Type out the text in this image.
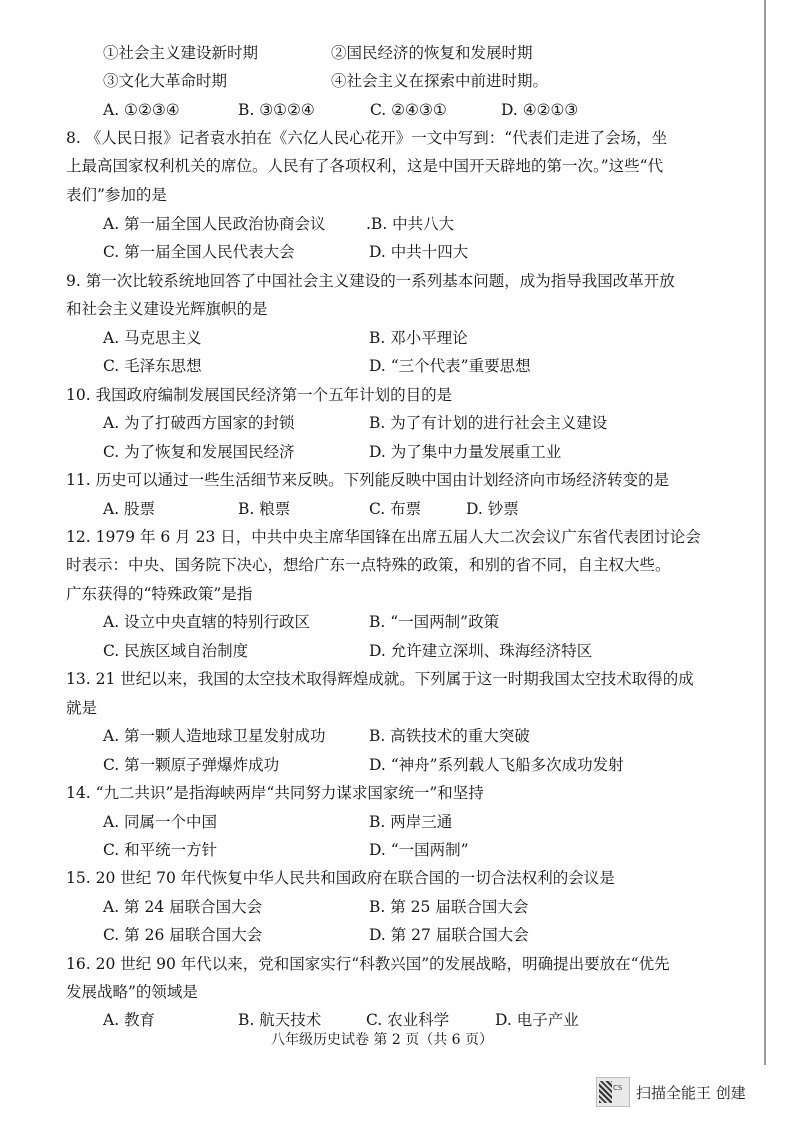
①社会主义建设新时期	②国民经济的恢复和发展时期
③文化大革命时期	④社会主义在探索中前进时期。
A. ①②③④	B. ③①②④	C. ②④③①	D. ④②①③
8. 《人民日报》记者袁水拍在《六亿人民心花开》一文中写到：“代表们走进了会场，坐
上最高国家权利机关的席位。人民有了各项权利，这是中国开天辟地的第一次。”这些“代
表们”参加的是
A. 第一届全国人民政治协商会议	.B. 中共八大
C. 第一届全国人民代表大会	D. 中共十四大
9. 第一次比较系统地回答了中国社会主义建设的一系列基本问题，成为指导我国改革开放
和社会主义建设光辉旗帜的是
A. 马克思主义	B. 邓小平理论
C. 毛泽东思想	D. “三个代表”重要思想
10. 我国政府编制发展国民经济第一个五年计划的目的是
A. 为了打破西方国家的封锁	B. 为了有计划的进行社会主义建设
C. 为了恢复和发展国民经济	D. 为了集中力量发展重工业
11. 历史可以通过一些生活细节来反映。下列能反映中国由计划经济向市场经济转变的是
A. 股票	B. 粮票	C. 布票	D. 钞票
12. 1979 年 6 月 23 日，中共中央主席华国锋在出席五届人大二次会议广东省代表团讨论会
时表示：中央、国务院下决心，想给广东一点特殊的政策，和别的省不同，自主权大些。
广东获得的“特殊政策”是指
A. 设立中央直辖的特别行政区	B. “一国两制”政策
C. 民族区域自治制度	D. 允许建立深圳、珠海经济特区
13. 21 世纪以来，我国的太空技术取得辉煌成就。下列属于这一时期我国太空技术取得的成
就是
A. 第一颗人造地球卫星发射成功	B. 高铁技术的重大突破
C. 第一颗原子弹爆炸成功	D. “神舟”系列载人飞船多次成功发射
14. “九二共识”是指海峡两岸“共同努力谋求国家统一”和坚持
A. 同属一个中国	B. 两岸三通
C. 和平统一方针	D. “一国两制”
15. 20 世纪 70 年代恢复中华人民共和国政府在联合国的一切合法权利的会议是
A. 第 24 届联合国大会	B. 第 25 届联合国大会
C. 第 26 届联合国大会	D. 第 27 届联合国大会
16. 20 世纪 90 年代以来，党和国家实行“科教兴国”的发展战略，明确提出要放在“优先
发展战略”的领域是
A. 教育	B. 航天技术	C. 农业科学	D. 电子产业
八年级历史试卷 第 2 页（共 6 页）
CS 扫描全能王 创建
